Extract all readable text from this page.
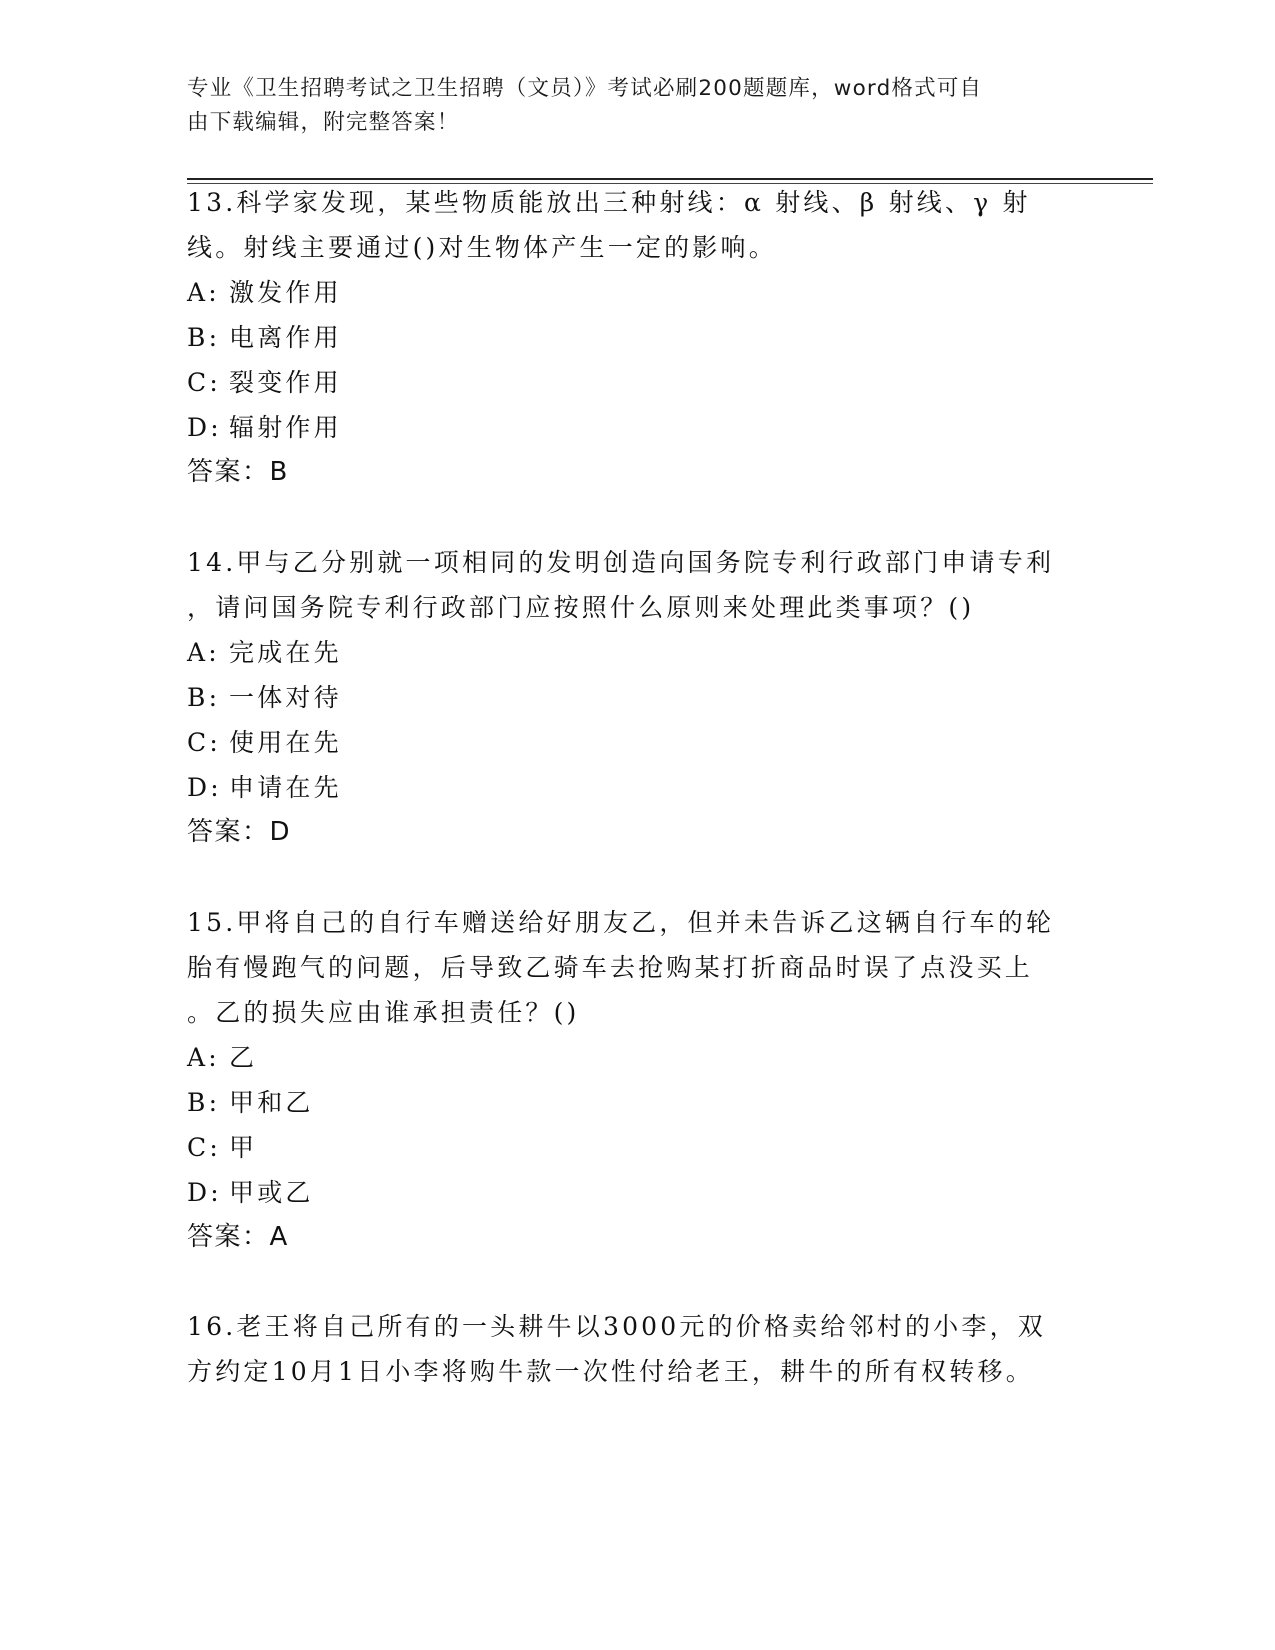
专业《卫生招聘考试之卫生招聘（文员）》考试必刷200题题库，word格式可自
由下载编辑，附完整答案！

13.科学家发现，某些物质能放出三种射线：α 射线、β 射线、γ 射

线。射线主要通过()对生物体产生一定的影响。

A: 激发作用

B: 电离作用

C: 裂变作用

D: 辐射作用

答案：B

14.甲与乙分别就一项相同的发明创造向国务院专利行政部门申请专利

，请问国务院专利行政部门应按照什么原则来处理此类事项？()

A: 完成在先

B: 一体对待

C: 使用在先

D: 申请在先

答案：D

15.甲将自己的自行车赠送给好朋友乙，但并未告诉乙这辆自行车的轮

胎有慢跑气的问题，后导致乙骑车去抢购某打折商品时误了点没买上

。乙的损失应由谁承担责任？()

A: 乙

B: 甲和乙

C: 甲

D: 甲或乙

答案：A

16.老王将自己所有的一头耕牛以3000元的价格卖给邻村的小李，双

方约定10月1日小李将购牛款一次性付给老王，耕牛的所有权转移。
